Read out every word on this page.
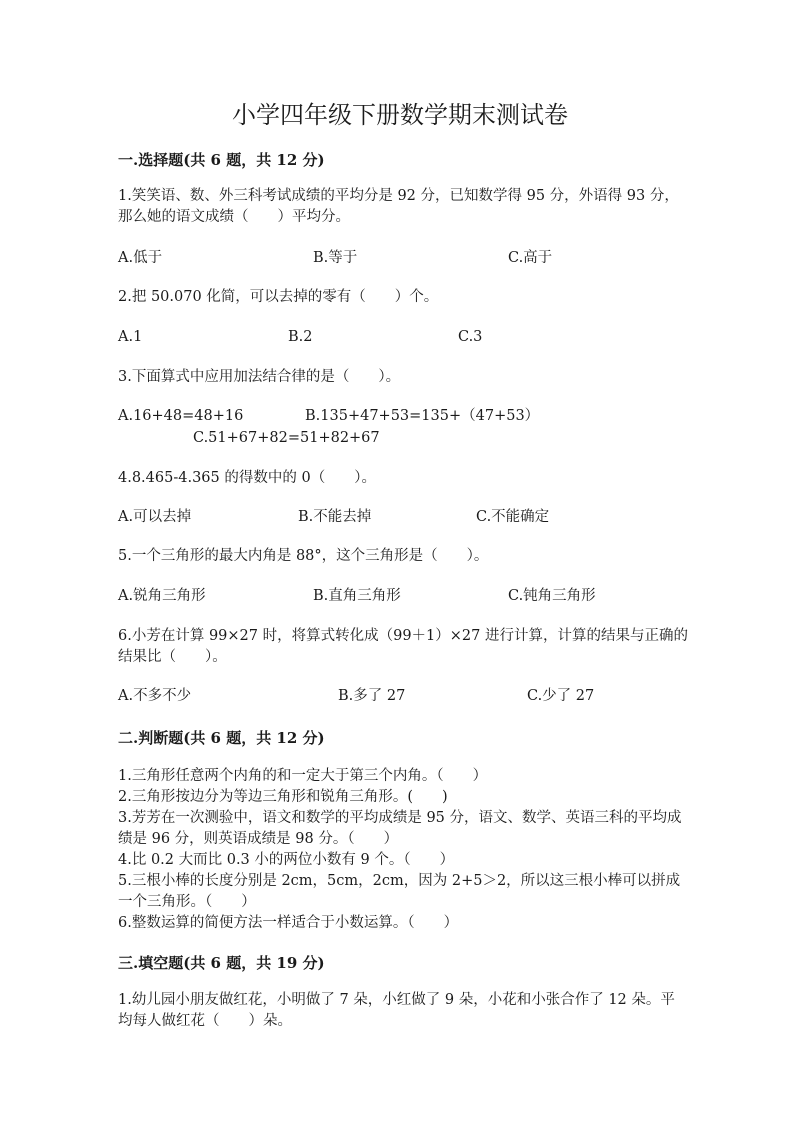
小学四年级下册数学期末测试卷
一.选择题(共 6 题，共 12 分)
1.笑笑语、数、外三科考试成绩的平均分是 92 分，已知数学得 95 分，外语得 93 分，那么她的语文成绩（　　）平均分。
A.低于	B.等于	C.高于
2.把 50.070 化简，可以去掉的零有（　　）个。
A.1	B.2	C.3
3.下面算式中应用加法结合律的是（　　）。
A.16+48=48+16	B.135+47+53=135+（47+53）
C.51+67+82=51+82+67
4.8.465-4.365 的得数中的 0（　　）。
A.可以去掉	B.不能去掉	C.不能确定
5.一个三角形的最大内角是 88°，这个三角形是（　　）。
A.锐角三角形	B.直角三角形	C.钝角三角形
6.小芳在计算 99×27 时，将算式转化成（99＋1）×27 进行计算，计算的结果与正确的结果比（　　）。
A.不多不少	B.多了 27	C.少了 27
二.判断题(共 6 题，共 12 分)
1.三角形任意两个内角的和一定大于第三个内角。（　　）
2.三角形按边分为等边三角形和锐角三角形。(　　)
3.芳芳在一次测验中，语文和数学的平均成绩是 95 分，语文、数学、英语三科的平均成绩是 96 分，则英语成绩是 98 分。（　　）
4.比 0.2 大而比 0.3 小的两位小数有 9 个。（　　）
5.三根小棒的长度分别是 2cm，5cm，2cm，因为 2+5＞2，所以这三根小棒可以拼成一个三角形。（　　）
6.整数运算的简便方法一样适合于小数运算。（　　）
三.填空题(共 6 题，共 19 分)
1.幼儿园小朋友做红花，小明做了 7 朵，小红做了 9 朵，小花和小张合作了 12 朵。平均每人做红花（　　）朵。
